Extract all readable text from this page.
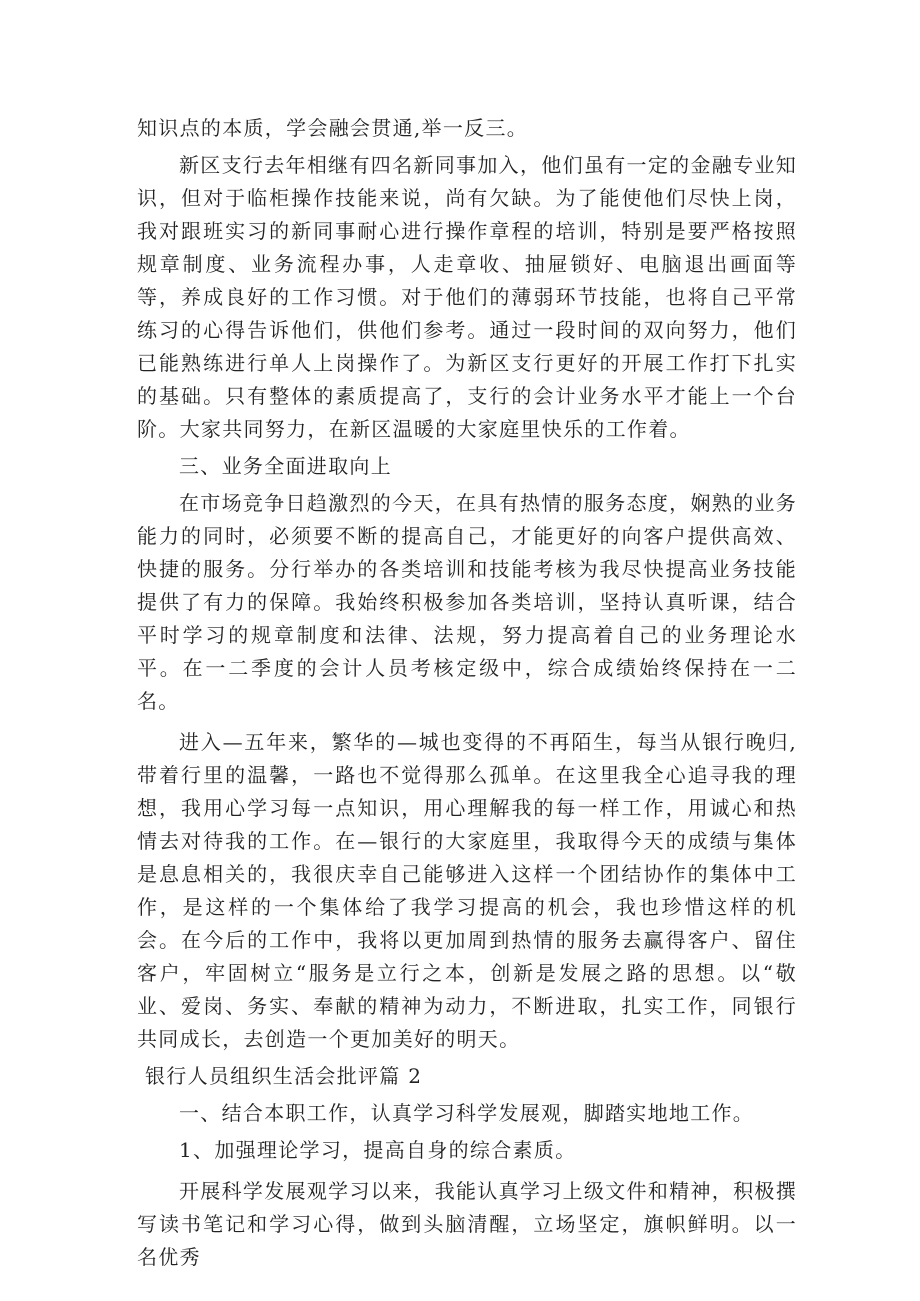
知识点的本质，学会融会贯通,举一反三。

新区支行去年相继有四名新同事加入，他们虽有一定的金融专业知识，但对于临柜操作技能来说，尚有欠缺。为了能使他们尽快上岗，我对跟班实习的新同事耐心进行操作章程的培训，特别是要严格按照规章制度、业务流程办事，人走章收、抽屉锁好、电脑退出画面等等，养成良好的工作习惯。对于他们的薄弱环节技能，也将自己平常练习的心得告诉他们，供他们参考。通过一段时间的双向努力，他们已能熟练进行单人上岗操作了。为新区支行更好的开展工作打下扎实的基础。只有整体的素质提高了，支行的会计业务水平才能上一个台阶。大家共同努力，在新区温暖的大家庭里快乐的工作着。

三、业务全面进取向上

在市场竞争日趋激烈的今天，在具有热情的服务态度，娴熟的业务能力的同时，必须要不断的提高自己，才能更好的向客户提供高效、快捷的服务。分行举办的各类培训和技能考核为我尽快提高业务技能提供了有力的保障。我始终积极参加各类培训，坚持认真听课，结合平时学习的规章制度和法律、法规，努力提高着自己的业务理论水平。在一二季度的会计人员考核定级中，综合成绩始终保持在一二名。

进入—五年来，繁华的—城也变得的不再陌生，每当从银行晚归,带着行里的温馨，一路也不觉得那么孤单。在这里我全心追寻我的理想，我用心学习每一点知识，用心理解我的每一样工作，用诚心和热情去对待我的工作。在—银行的大家庭里，我取得今天的成绩与集体是息息相关的，我很庆幸自己能够进入这样一个团结协作的集体中工作，是这样的一个集体给了我学习提高的机会，我也珍惜这样的机会。在今后的工作中，我将以更加周到热情的服务去赢得客户、留住客户，牢固树立“服务是立行之本，创新是发展之路的思想。以“敬业、爱岗、务实、奉献的精神为动力，不断进取，扎实工作，同银行共同成长，去创造一个更加美好的明天。

银行人员组织生活会批评篇 2

一、结合本职工作，认真学习科学发展观，脚踏实地地工作。

1、加强理论学习，提高自身的综合素质。

开展科学发展观学习以来，我能认真学习上级文件和精神，积极撰写读书笔记和学习心得，做到头脑清醒，立场坚定，旗帜鲜明。以一名优秀
